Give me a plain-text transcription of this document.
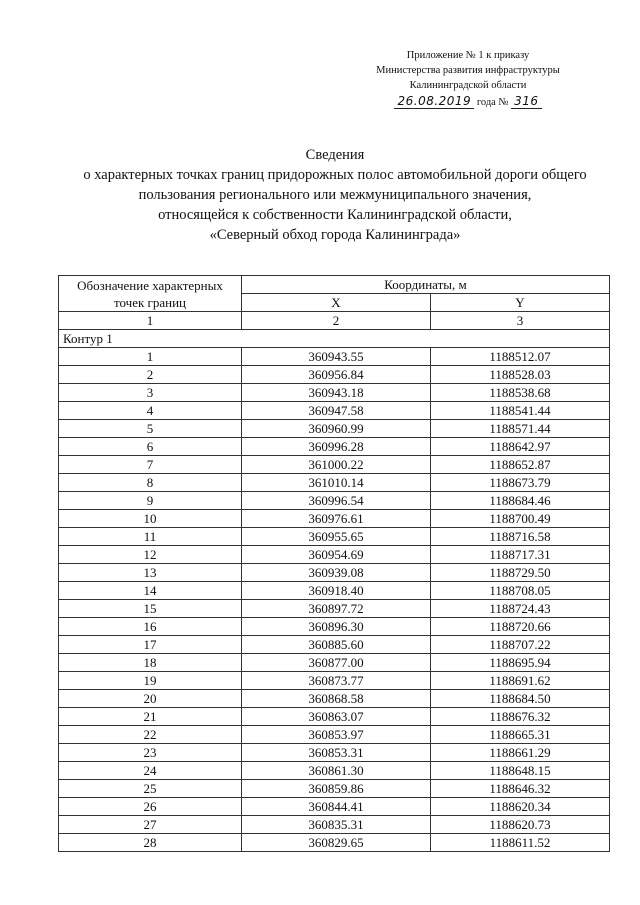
Приложение № 1 к приказу
Министерства развития инфраструктуры
Калининградской области
26.08.2019 года № 316
Сведения
о характерных точках границ придорожных полос автомобильной дороги общего
пользования регионального или межмуниципального значения,
относящейся к собственности Калининградской области,
«Северный обход города Калининграда»
Обозначение характерных точек границ	Координаты, м	
	X	Y
1	2	3
Контур 1		
1	360943.55	1188512.07
2	360956.84	1188528.03
3	360943.18	1188538.68
4	360947.58	1188541.44
5	360960.99	1188571.44
6	360996.28	1188642.97
7	361000.22	1188652.87
8	361010.14	1188673.79
9	360996.54	1188684.46
10	360976.61	1188700.49
11	360955.65	1188716.58
12	360954.69	1188717.31
13	360939.08	1188729.50
14	360918.40	1188708.05
15	360897.72	1188724.43
16	360896.30	1188720.66
17	360885.60	1188707.22
18	360877.00	1188695.94
19	360873.77	1188691.62
20	360868.58	1188684.50
21	360863.07	1188676.32
22	360853.97	1188665.31
23	360853.31	1188661.29
24	360861.30	1188648.15
25	360859.86	1188646.32
26	360844.41	1188620.34
27	360835.31	1188620.73
28	360829.65	1188611.52
